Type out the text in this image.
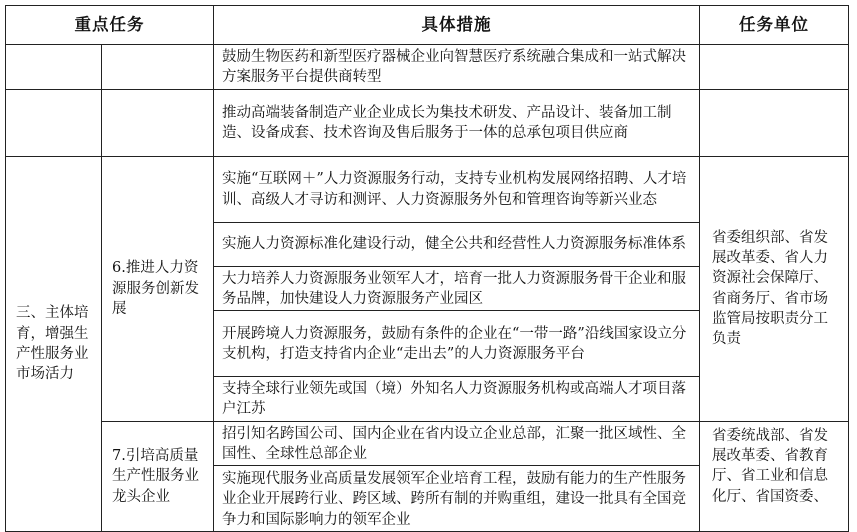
重点任务		具体措施	任务单位
		鼓励生物医药和新型医疗器械企业向智慧医疗系统融合集成和一站式解决方案服务平台提供商转型	
		推动高端装备制造产业企业成长为集技术研发、产品设计、装备加工制造、设备成套、技术咨询及售后服务于一体的总承包项目供应商	
三、主体培育，增强生产性服务业市场活力	6.推进人力资源服务创新发展	实施“互联网＋”人力资源服务行动，支持专业机构发展网络招聘、人才培训、高级人才寻访和测评、人力资源服务外包和管理咨询等新兴业态	省委组织部、省发展改革委、省人力资源社会保障厅、省商务厅、省市场监管局按职责分工负责
		实施人力资源标准化建设行动，健全公共和经营性人力资源服务标准体系	
		大力培养人力资源服务业领军人才，培育一批人力资源服务骨干企业和服务品牌，加快建设人力资源服务产业园区	
		开展跨境人力资源服务，鼓励有条件的企业在“一带一路”沿线国家设立分支机构，打造支持省内企业“走出去”的人力资源服务平台	
		支持全球行业领先或国（境）外知名人力资源服务机构或高端人才项目落户江苏	
	7.引培高质量生产性服务业龙头企业	招引知名跨国公司、国内企业在省内设立企业总部，汇聚一批区域性、全国性、全球性总部企业	省委统战部、省发展改革委、省教育厅、省工业和信息化厅、省国资委、
		实施现代服务业高质量发展领军企业培育工程，鼓励有能力的生产性服务业企业开展跨行业、跨区域、跨所有制的并购重组，建设一批具有全国竞争力和国际影响力的领军企业	
